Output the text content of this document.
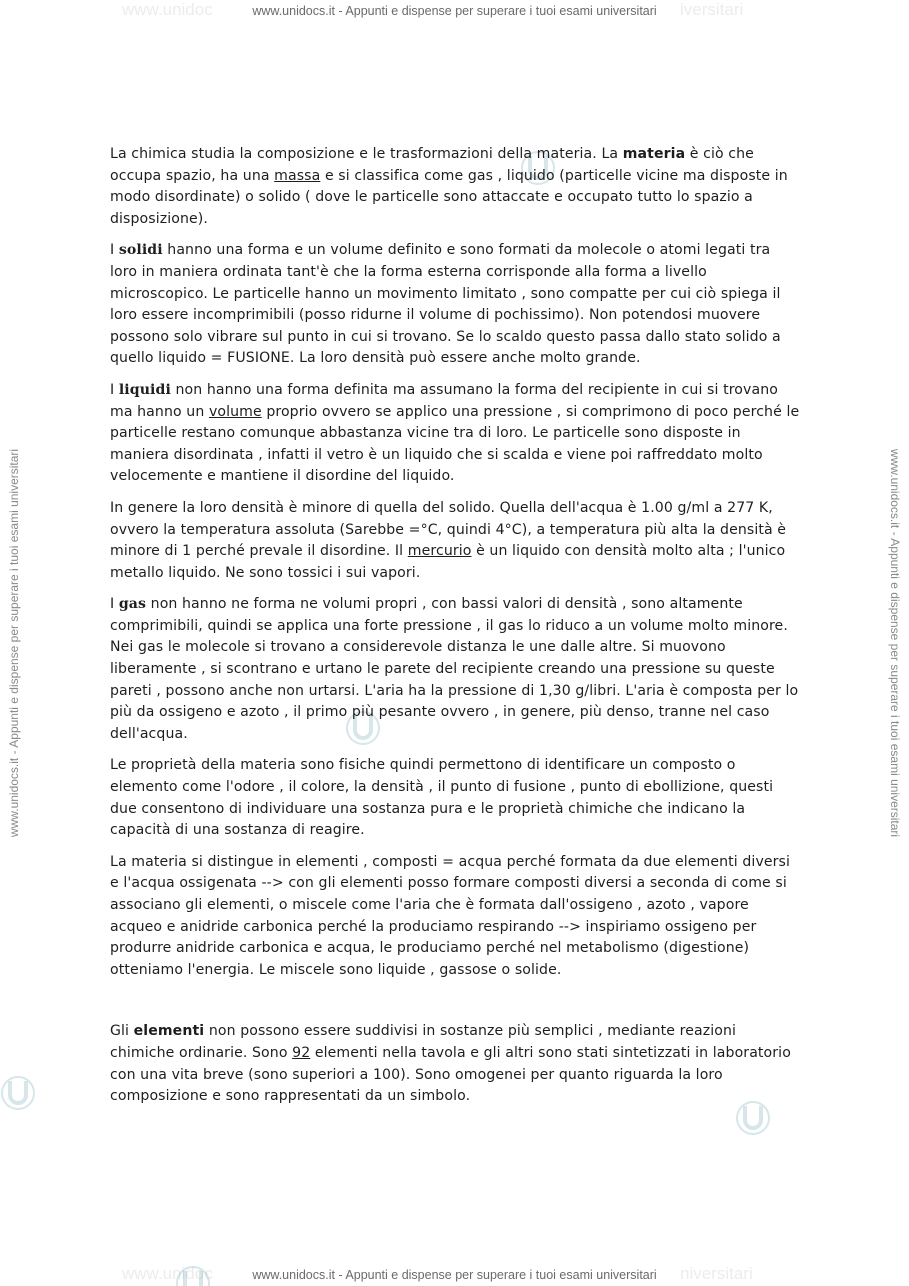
www.unidoc	iversitari
www.unidoc	niversitari
www.unidocs.it - Appunti e dispense per superare i tuoi esami universitari
www.unidocs.it - Appunti e dispense per superare i tuoi esami universitari
www.unidocs.it - Appunti e dispense per superare i tuoi esami universitari	www.unidocs.it - Appunti e dispense per superare i tuoi esami universitari

La chimica studia la composizione e le trasformazioni della materia. La materia è ciò che occupa spazio, ha una massa e si classifica come gas , liquido (particelle vicine ma disposte in modo disordinate) o solido ( dove le particelle sono attaccate e occupato tutto lo spazio a disposizione).

I solidi hanno una forma e un volume definito e sono formati da molecole o atomi legati tra loro in maniera ordinata tant'è che la forma esterna corrisponde alla forma a livello microscopico. Le particelle hanno un movimento limitato , sono compatte per cui ciò spiega il loro essere incomprimibili (posso ridurne il volume di pochissimo). Non potendosi muovere possono solo vibrare sul punto in cui si trovano. Se lo scaldo questo passa dallo stato solido a quello liquido = FUSIONE. La loro densità può essere anche molto grande.

I liquidi non hanno una forma definita ma assumano la forma del recipiente in cui si trovano ma hanno un volume proprio ovvero se applico una pressione , si comprimono di poco perché le particelle restano comunque abbastanza vicine tra di loro. Le particelle sono disposte in maniera disordinata , infatti il vetro è un liquido che si scalda e viene poi raffreddato molto velocemente e mantiene il disordine del liquido.

In genere la loro densità è minore di quella del solido. Quella dell'acqua è 1.00 g/ml a 277 K, ovvero la temperatura assoluta (Sarebbe =°C, quindi 4°C), a temperatura più alta la densità è minore di 1 perché prevale il disordine. Il mercurio è un liquido con densità molto alta ; l'unico metallo liquido. Ne sono tossici i sui vapori.

I gas non hanno ne forma ne volumi propri , con bassi valori di densità , sono altamente comprimibili, quindi se applica una forte pressione , il gas lo riduco a un volume molto minore. Nei gas le molecole si trovano a considerevole distanza le une dalle altre. Si muovono liberamente , si scontrano e urtano le parete del recipiente creando una pressione su queste pareti , possono anche non urtarsi. L'aria ha la pressione di 1,30 g/libri. L'aria è composta per lo più da ossigeno e azoto , il primo più pesante ovvero , in genere, più denso, tranne nel caso dell'acqua.

Le proprietà della materia sono fisiche quindi permettono di identificare un composto o elemento come l'odore , il colore, la densità , il punto di fusione , punto di ebollizione, questi due consentono di individuare una sostanza pura e le proprietà chimiche che indicano la capacità di una sostanza di reagire.

La materia si distingue in elementi , composti = acqua perché formata da due elementi diversi e l'acqua ossigenata --> con gli elementi posso formare composti diversi a seconda di come si associano gli elementi, o miscele come l'aria che è formata dall'ossigeno , azoto , vapore acqueo e anidride carbonica perché la produciamo respirando --> inspiriamo ossigeno per produrre anidride carbonica e acqua, le produciamo perché nel metabolismo (digestione) otteniamo l'energia. Le miscele sono liquide , gassose o solide.

Gli elementi non possono essere suddivisi in sostanze più semplici , mediante reazioni chimiche ordinarie. Sono 92 elementi nella tavola e gli altri sono stati sintetizzati in laboratorio con una vita breve (sono superiori a 100). Sono omogenei per quanto riguarda la loro composizione e sono rappresentati da un simbolo.
